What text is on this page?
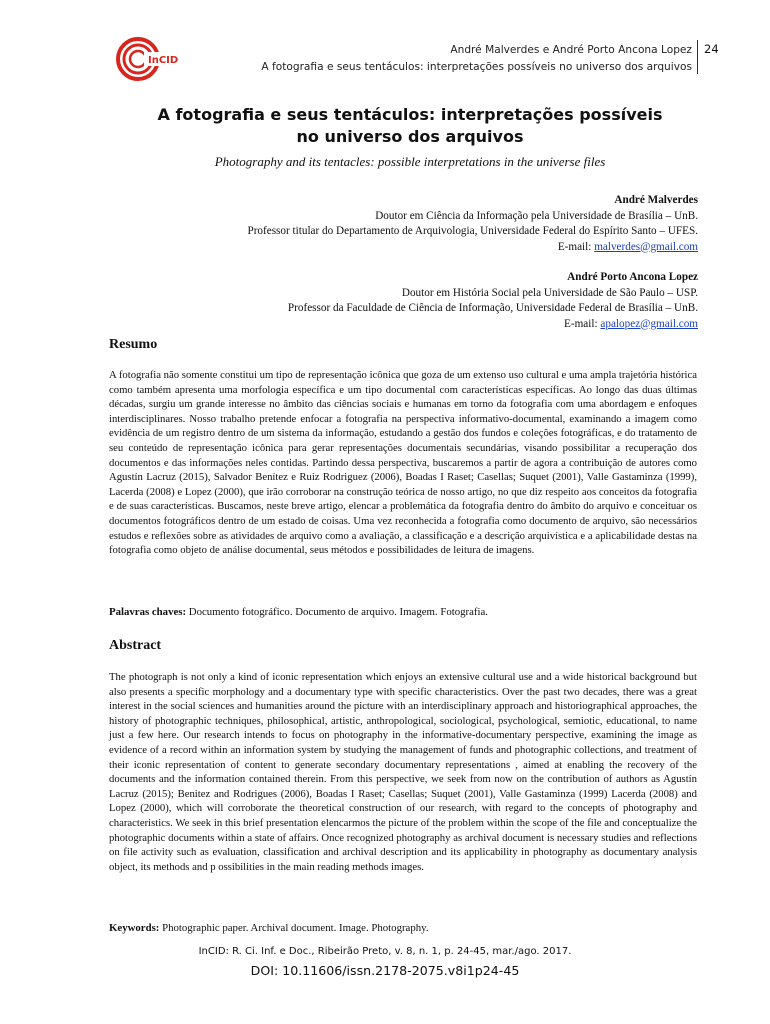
InCID
André Malverdes e André Porto Ancona Lopez
A fotografia e seus tentáculos: interpretações possíveis no universo dos arquivos
24
A fotografia e seus tentáculos: interpretações possíveis
no universo dos arquivos
Photography and its tentacles: possible interpretations in the universe files
André Malverdes
Doutor em Ciência da Informação pela Universidade de Brasília – UnB.
Professor titular do Departamento de Arquivologia, Universidade Federal do Espírito Santo – UFES.
E-mail: malverdes@gmail.com
André Porto Ancona Lopez
Doutor em História Social pela Universidade de São Paulo – USP.
Professor da Faculdade de Ciência de Informação, Universidade Federal de Brasília – UnB.
E-mail: apalopez@gmail.com
Resumo

A fotografia não somente constitui um tipo de representação icônica que goza de um extenso uso cultural e uma ampla trajetória histórica como também apresenta uma morfologia específica e um tipo documental com características específicas. Ao longo das duas últimas décadas, surgiu um grande interesse no âmbito das ciências sociais e humanas em torno da fotografia com uma abordagem e enfoques interdisciplinares. Nosso trabalho pretende enfocar a fotografia na perspectiva informativo-documental, examinando a imagem como evidência de um registro dentro de um sistema da informação, estudando a gestão dos fundos e coleções fotográficas, e do tratamento de seu conteúdo de representação icônica para gerar representações documentais secundárias, visando possibilitar a recuperação dos documentos e das informações neles contidas. Partindo dessa perspectiva, buscaremos a partir de agora a contribuição de autores como Agustín Lacruz (2015), Salvador Benítez e Ruiz Rodriguez (2006), Boadas I Raset; Casellas; Suquet (2001), Valle Gastaminza (1999), Lacerda (2008) e Lopez (2000), que irão corroborar na construção teórica de nosso artigo, no que diz respeito aos conceitos da fotografia e de suas características. Buscamos, neste breve artigo, elencar a problemática da fotografia dentro do âmbito do arquivo e conceituar os documentos fotográficos dentro de um estado de coisas. Uma vez reconhecida a fotografia como documento de arquivo, são necessários estudos e reflexões sobre as atividades de arquivo como a avaliação, a classificação e a descrição arquivística e a aplicabilidade destas na fotografia como objeto de análise documental, seus métodos e possibilidades de leitura de imagens.

Palavras chaves: Documento fotográfico. Documento de arquivo. Imagem. Fotografia.
Abstract

The photograph is not only a kind of iconic representation which enjoys an extensive cultural use and a wide historical background but also presents a specific morphology and a documentary type with specific characteristics. Over the past two decades, there was a great interest in the social sciences and humanities around the picture with an interdisciplinary approach and historiographical approaches, the history of photographic techniques, philosophical, artistic, anthropological, sociological, psychological, semiotic, educational, to name just a few here. Our research intends to focus on photography in the informative-documentary perspective, examining the image as evidence of a record within an information system by studying the management of funds and photographic collections, and treatment of their iconic representation of content to generate secondary documentary representations , aimed at enabling the recovery of the documents and the information contained therein. From this perspective, we seek from now on the contribution of authors as Agustín Lacruz (2015); Benitez and Rodrigues (2006), Boadas I Raset; Casellas; Suquet (2001), Valle Gastaminza (1999) Lacerda (2008) and Lopez (2000), which will corroborate the theoretical construction of our research, with regard to the concepts of photography and characteristics. We seek in this brief presentation elencarmos the picture of the problem within the scope of the file and conceptualize the photographic documents within a state of affairs. Once recognized photography as archival document is necessary studies and reflections on file activity such as evaluation, classification and archival description and its applicability in photography as documentary analysis object, its methods and p ossibilities in the main reading methods images.

Keywords: Photographic paper. Archival document. Image. Photography.
InCID: R. Ci. Inf. e Doc., Ribeirão Preto, v. 8, n. 1, p. 24-45, mar./ago. 2017.
DOI: 10.11606/issn.2178-2075.v8i1p24-45
